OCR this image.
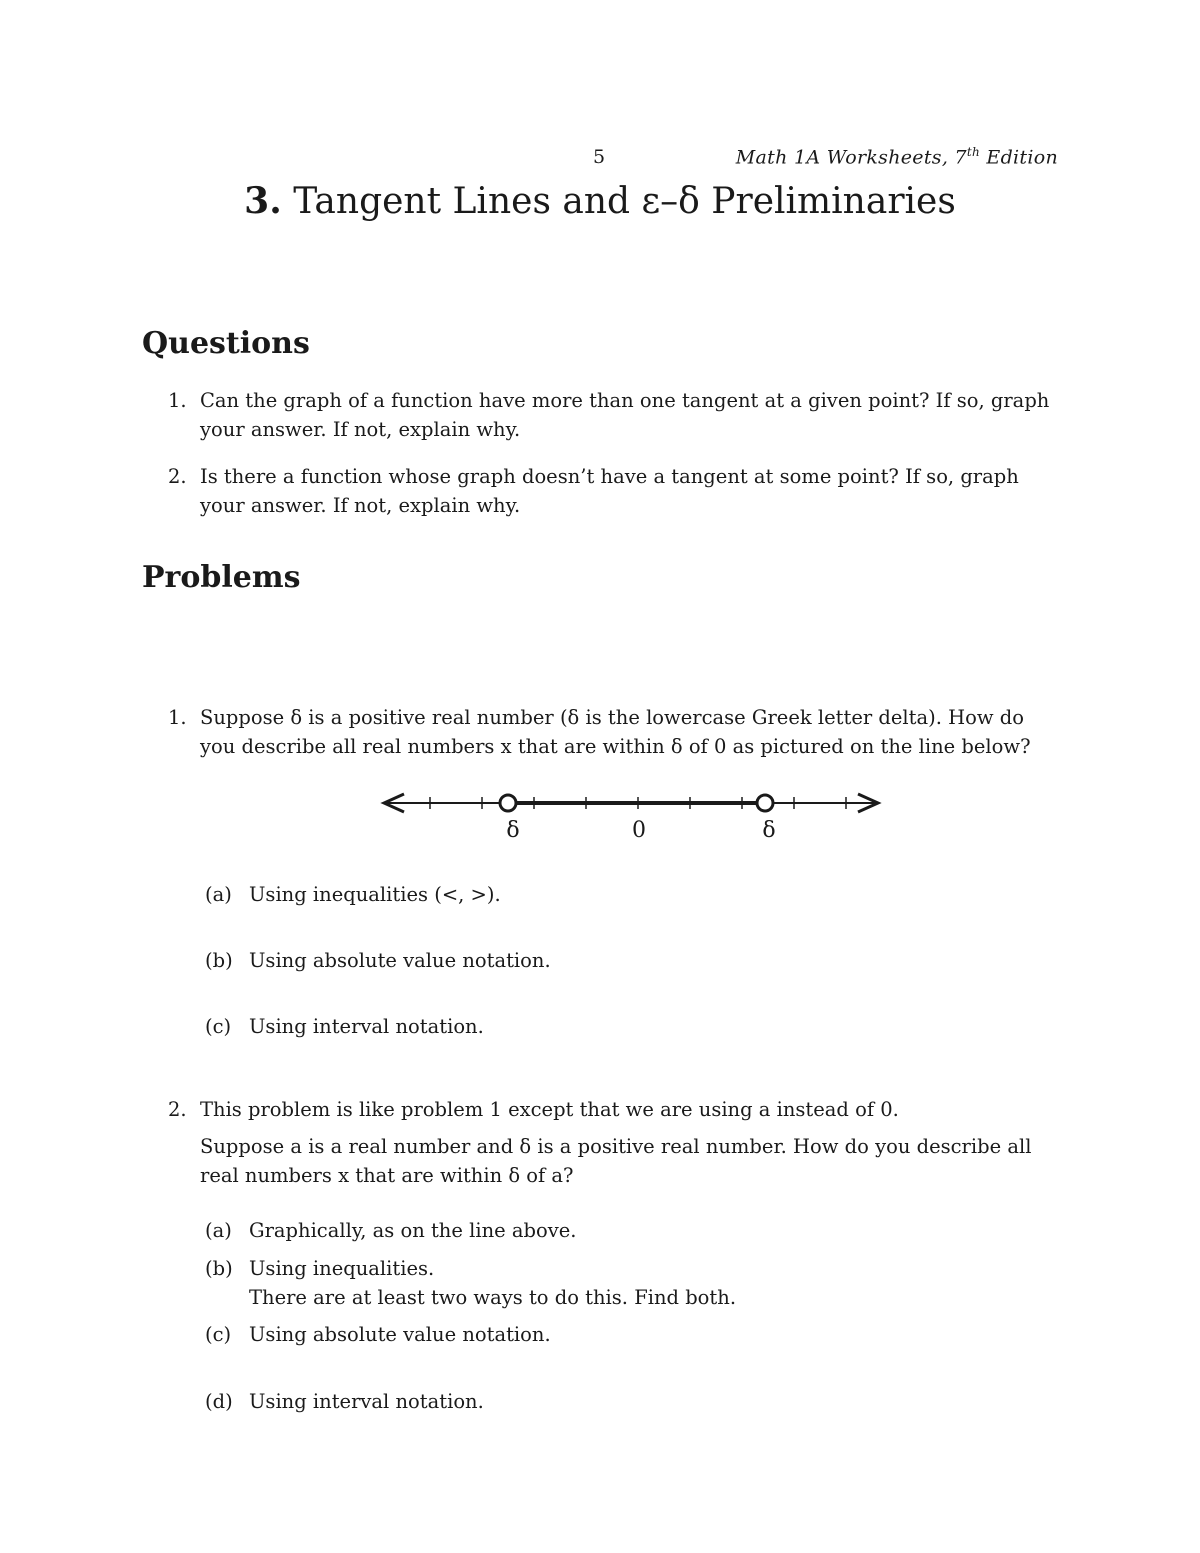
5	Math 1A Worksheets, 7th Edition
3. Tangent Lines and ε–δ Preliminaries
Questions
1. Can the graph of a function have more than one tangent at a given point? If so, graph
your answer. If not, explain why.
2. Is there a function whose graph doesn’t have a tangent at some point? If so, graph
your answer. If not, explain why.
Problems
1. Suppose δ is a positive real number (δ is the lowercase Greek letter delta). How do
you describe all real numbers x that are within δ of 0 as pictured on the line below?
δ	0	δ
(a) Using inequalities (<, >).
(b) Using absolute value notation.
(c) Using interval notation.
2. This problem is like problem 1 except that we are using a instead of 0.
Suppose a is a real number and δ is a positive real number. How do you describe all
real numbers x that are within δ of a?
(a) Graphically, as on the line above.
(b) Using inequalities.
There are at least two ways to do this. Find both.
(c) Using absolute value notation.
(d) Using interval notation.
